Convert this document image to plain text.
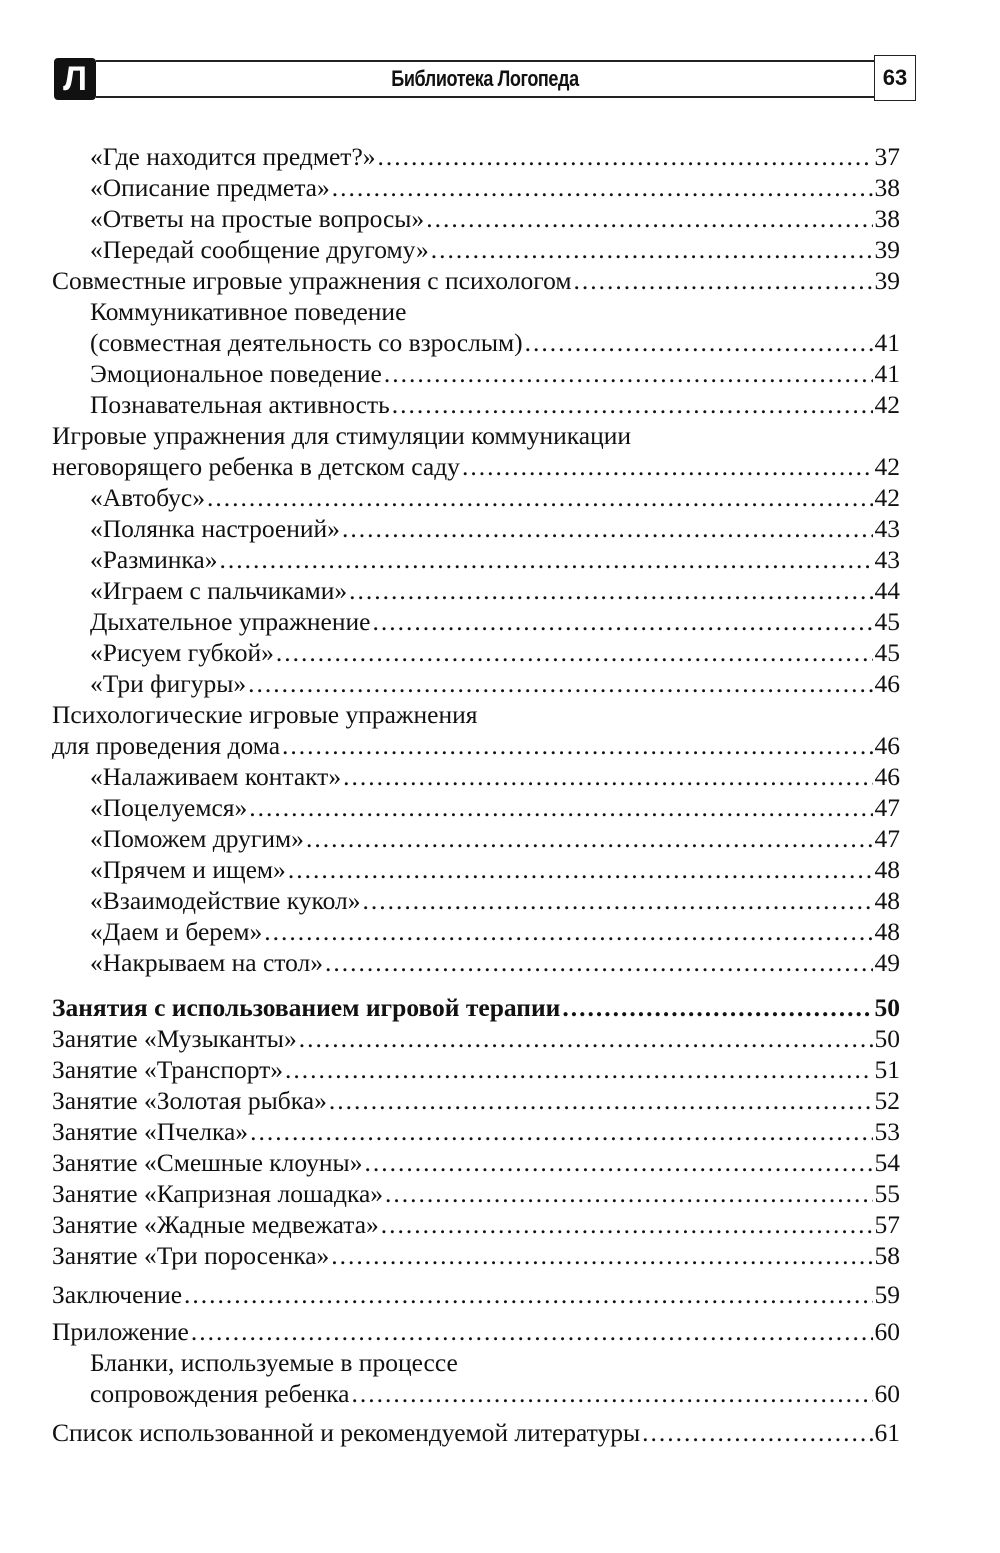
Л	Библиотека Логопеда	63
«Где находится предмет?» .....	37
«Описание предмета» .....	38
«Ответы на простые вопросы» .....	38
«Передай сообщение другому» .....	39
Совместные игровые упражнения с психологом .....	39
Коммуникативное поведение
(совместная деятельность со взрослым) .....	41
Эмоциональное поведение .....	41
Познавательная активность .....	42
Игровые упражнения для стимуляции коммуникации
неговорящего ребенка в детском саду .....	42
«Автобус» .....	42
«Полянка настроений» .....	43
«Разминка» .....	43
«Играем с пальчиками» .....	44
Дыхательное упражнение .....	45
«Рисуем губкой» .....	45
«Три фигуры» .....	46
Психологические игровые упражнения
для проведения дома .....	46
«Налаживаем контакт» .....	46
«Поцелуемся» .....	47
«Поможем другим» .....	47
«Прячем и ищем» .....	48
«Взаимодействие кукол» .....	48
«Даем и берем» .....	48
«Накрываем на стол» .....	49
Занятия с использованием игровой терапии .....	50
Занятие «Музыканты» .....	50
Занятие «Транспорт» .....	51
Занятие «Золотая рыбка» .....	52
Занятие «Пчелка» .....	53
Занятие «Смешные клоуны» .....	54
Занятие «Капризная лошадка» .....	55
Занятие «Жадные медвежата» .....	57
Занятие «Три поросенка» .....	58
Заключение .....	59
Приложение .....	60
Бланки, используемые в процессе
сопровождения ребенка .....	60
Список использованной и рекомендуемой литературы .....	61
